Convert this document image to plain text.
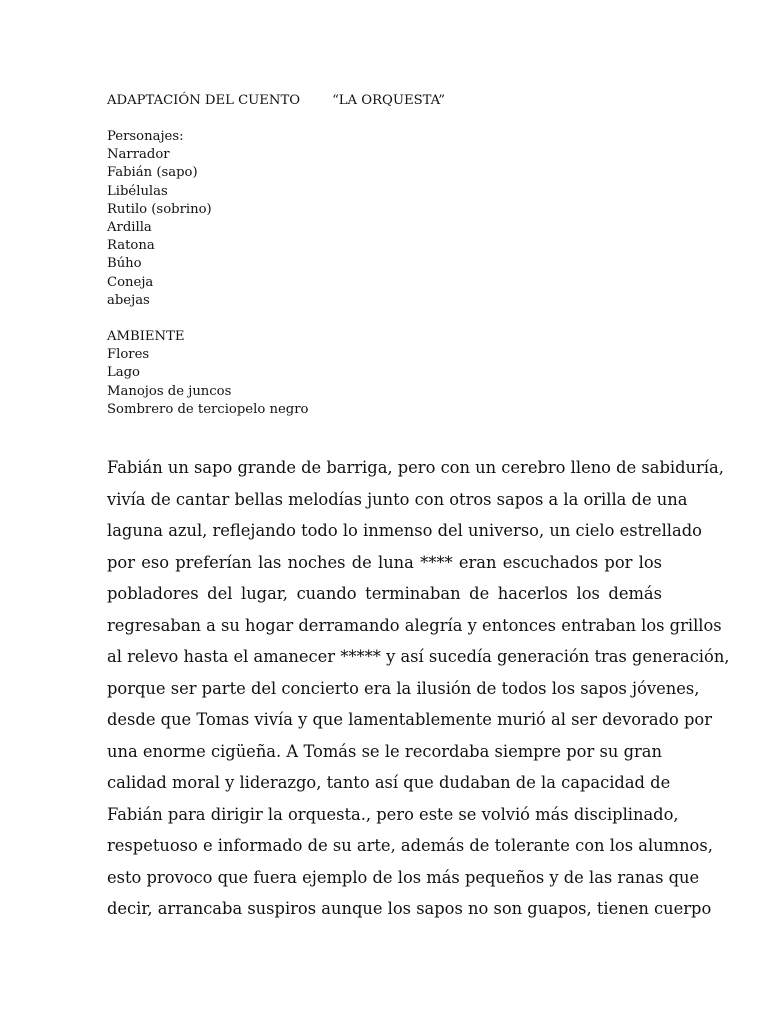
ADAPTACIÓN DEL CUENTO “LA ORQUESTA”
Personajes:
Narrador
Fabián (sapo)
Libélulas
Rutilo (sobrino)
Ardilla
Ratona
Búho
Coneja
abejas
AMBIENTE
Flores
Lago
Manojos de juncos
Sombrero de terciopelo negro
Fabián un sapo grande de barriga, pero con un cerebro lleno de sabiduría,
vivía de cantar bellas melodías junto con otros sapos a la orilla de una
laguna azul, reflejando todo lo inmenso del universo, un cielo estrellado
por eso preferían las noches de luna **** eran escuchados por los
pobladores del lugar, cuando terminaban de hacerlos los demás
regresaban a su hogar derramando alegría y entonces entraban los grillos
al relevo hasta el amanecer ***** y así sucedía generación tras generación,
porque ser parte del concierto era la ilusión de todos los sapos jóvenes,
desde que Tomas vivía y que lamentablemente murió al ser devorado por
una enorme cigüeña. A Tomás se le recordaba siempre por su gran
calidad moral y liderazgo, tanto así que dudaban de la capacidad de
Fabián para dirigir la orquesta., pero este se volvió más disciplinado,
respetuoso e informado de su arte, además de tolerante con los alumnos,
esto provoco que fuera ejemplo de los más pequeños y de las ranas que
decir, arrancaba suspiros aunque los sapos no son guapos, tienen cuerpo
